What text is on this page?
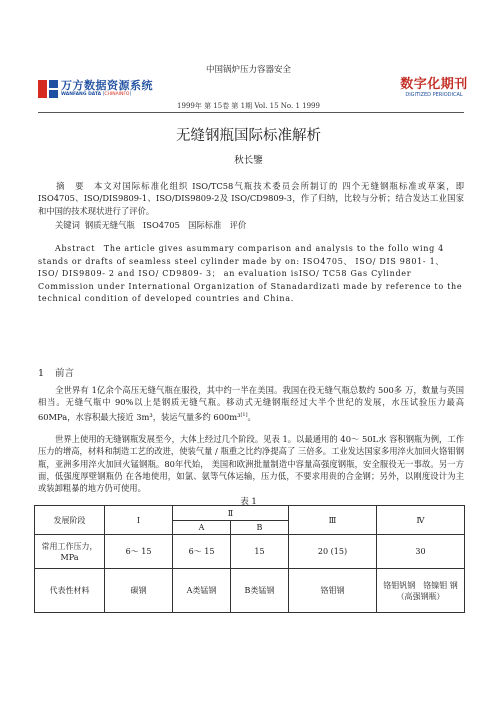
中国锅炉压力容器安全
万方数据资源系统
WANFANG DATA [CHINAINFO]
数字化期刊
DIGITIZED PERIODICAL
1999年 第 15卷 第 1期 Vol. 15 No. 1 1999
无缝钢瓶国际标准解析
秋长鑒
摘　要　本文对国际标准化组织 ISO/TC58气瓶技术委员会所制订的 四个无缝钢瓶标准或草案，即 ISO4705、ISO/DIS9809-1、ISO/DIS9809-2及 ISO/CD9809-3，作了归纳，比较与分析；结合发达工业国家和中国的技术现状进行了评价。
关键词 钢质无缝气瓶　ISO4705　国际标准　评价
Abstract　The article gives asummary comparison and analysis to the follo wing 4 stands or drafts of seamless steel cylinder made by on: ISO4705、 ISO/ DIS 9801- 1、 ISO/ DIS9809- 2 and ISO/ CD9809- 3； an evaluation isISO/ TC58 Gas Cylinder Commission under International Organization of Stanadardizati made by reference to the technical condition of developed countries and China.
1 前言
全世界有 1亿余个高压无缝气瓶在服役，其中约一半在美国。我国在役无缝气瓶总数约 500多 万，数量与英国相当。无缝气瓶中 90%以上是钢质无缝气瓶。移动式无缝钢瓶经过大半个世纪的发展，水压试验压力最高 60MPa，水容积最大接近 3m³，装运气量多约 600m³[1]。
世界上使用的无缝钢瓶发展至今，大体上经过几个阶段。见表 1。以最通用的 40～ 50L水 容积钢瓶为例，工作压力的增高，材料和制造工艺的改进，使装气量 / 瓶重之比约净提高了 三倍多。工业发达国家多用淬火加回火铬钼钢瓶，亚洲多用淬火加回火锰钢瓶。80年代始， 美国和欧洲批量制造中容量高强度钢瓶，安全服役无一事故。另一方面，低强度厚壁钢瓶仍 在各地使用，如氯、氨等气体运输，压力低，不要求用贵的合金钢；另外，以刚度设计为主 或装卸粗暴的地方仍可使用。
表 1
发展阶段	Ⅰ	Ⅱ		Ⅲ	Ⅳ
		A	B		
常用工作压力，MPa	6～ 15	6～ 15	15	20 (15)	30
代表性材料	碳钢	A类锰钢	B类锰钢	铬钼钢	铬钼钒钢　铬镍钼 钢 （高强钢瓶）
